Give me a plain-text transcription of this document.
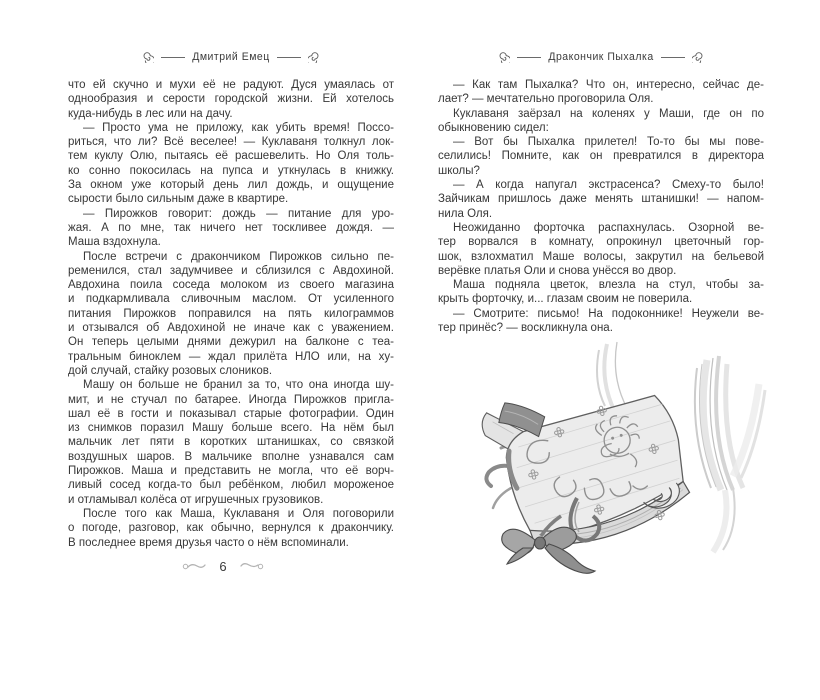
Дмитрий Емец
что ей скучно и мухи её не радуют. Дуся умаялась от
однообразия и серости городской жизни. Ей хотелось
куда-нибудь в лес или на дачу.
— Просто ума не приложу, как убить время! Поссо-
риться, что ли? Всё веселее! — Куклаваня толкнул лок-
тем куклу Олю, пытаясь её расшевелить. Но Оля толь-
ко сонно покосилась на пупса и уткнулась в книжку.
За окном уже который день лил дождь, и ощущение
сырости было сильным даже в квартире.
— Пирожков говорит: дождь — питание для уро-
жая. А по мне, так ничего нет тоскливее дождя. —
Маша вздохнула.
После встречи с дракончиком Пирожков сильно пе-
ременился, стал задумчивее и сблизился с Авдохиной.
Авдохина поила соседа молоком из своего магазина
и подкармливала сливочным маслом. От усиленного
питания Пирожков поправился на пять килограммов
и отзывался об Авдохиной не иначе как с уважением.
Он теперь целыми днями дежурил на балконе с теа-
тральным биноклем — ждал прилёта НЛО или, на ху-
дой случай, стайку розовых слоников.
Машу он больше не бранил за то, что она иногда шу-
мит, и не стучал по батарее. Иногда Пирожков пригла-
шал её в гости и показывал старые фотографии. Один
из снимков поразил Машу больше всего. На нём был
мальчик лет пяти в коротких штанишках, со связкой
воздушных шаров. В мальчике вполне узнавался сам
Пирожков. Маша и представить не могла, что её ворч-
ливый сосед когда-то был ребёнком, любил мороженое
и отламывал колёса от игрушечных грузовиков.
После того как Маша, Куклаваня и Оля поговорили
о погоде, разговор, как обычно, вернулся к дракончику.
В последнее время друзья часто о нём вспоминали.
6
Дракончик Пыхалка
— Как там Пыхалка? Что он, интересно, сейчас де-
лает? — мечтательно проговорила Оля.
Куклаваня заёрзал на коленях у Маши, где он по
обыкновению сидел:
— Вот бы Пыхалка прилетел! То-то бы мы пове-
селились! Помните, как он превратился в директора
школы?
— А когда напугал экстрасенса? Смеху-то было!
Зайчикам пришлось даже менять штанишки! — напом-
нила Оля.
Неожиданно форточка распахнулась. Озорной ве-
тер ворвался в комнату, опрокинул цветочный гор-
шок, взлохматил Маше волосы, закрутил на бельевой
верёвке платья Оли и снова унёсся во двор.
Маша подняла цветок, влезла на стул, чтобы за-
крыть форточку, и... глазам своим не поверила.
— Смотрите: письмо! На подоконнике! Неужели ве-
тер принёс? — воскликнула она.
